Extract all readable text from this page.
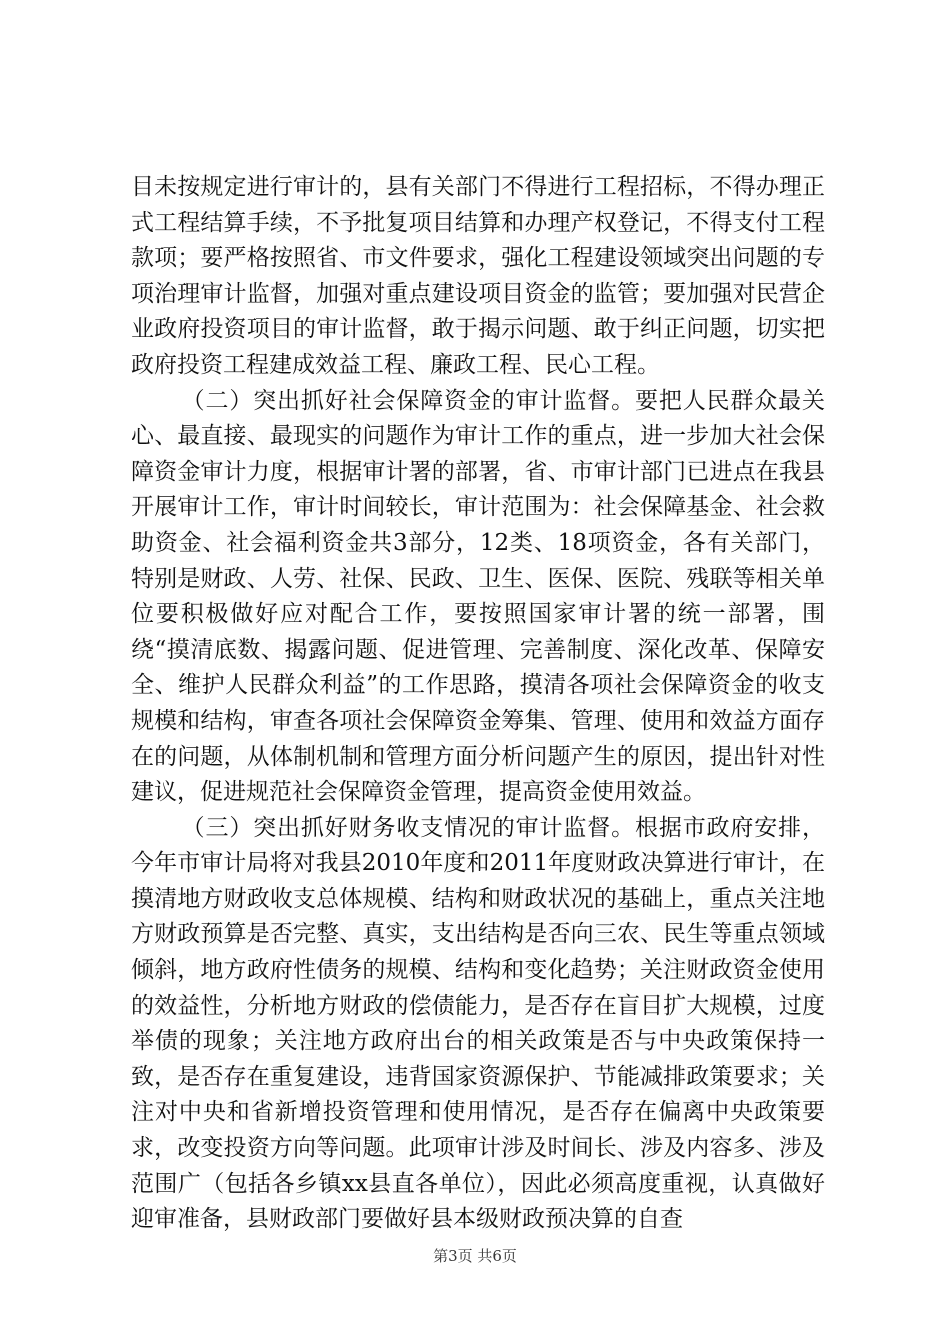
目未按规定进行审计的，县有关部门不得进行工程招标，不得办理正式工程结算手续，不予批复项目结算和办理产权登记，不得支付工程款项；要严格按照省、市文件要求，强化工程建设领域突出问题的专项治理审计监督，加强对重点建设项目资金的监管；要加强对民营企业政府投资项目的审计监督，敢于揭示问题、敢于纠正问题，切实把政府投资工程建成效益工程、廉政工程、民心工程。

（二）突出抓好社会保障资金的审计监督。要把人民群众最关心、最直接、最现实的问题作为审计工作的重点，进一步加大社会保障资金审计力度，根据审计署的部署，省、市审计部门已进点在我县开展审计工作，审计时间较长，审计范围为：社会保障基金、社会救助资金、社会福利资金共3部分，12类、18项资金，各有关部门，特别是财政、人劳、社保、民政、卫生、医保、医院、残联等相关单位要积极做好应对配合工作，要按照国家审计署的统一部署，围绕“摸清底数、揭露问题、促进管理、完善制度、深化改革、保障安全、维护人民群众利益”的工作思路，摸清各项社会保障资金的收支规模和结构，审查各项社会保障资金筹集、管理、使用和效益方面存在的问题，从体制机制和管理方面分析问题产生的原因，提出针对性建议，促进规范社会保障资金管理，提高资金使用效益。

（三）突出抓好财务收支情况的审计监督。根据市政府安排，今年市审计局将对我县2010年度和2011年度财政决算进行审计，在摸清地方财政收支总体规模、结构和财政状况的基础上，重点关注地方财政预算是否完整、真实，支出结构是否向三农、民生等重点领域倾斜，地方政府性债务的规模、结构和变化趋势；关注财政资金使用的效益性，分析地方财政的偿债能力，是否存在盲目扩大规模，过度举债的现象；关注地方政府出台的相关政策是否与中央政策保持一致，是否存在重复建设，违背国家资源保护、节能减排政策要求；关注对中央和省新增投资管理和使用情况，是否存在偏离中央政策要求，改变投资方向等问题。此项审计涉及时间长、涉及内容多、涉及范围广（包括各乡镇xx县直各单位），因此必须高度重视，认真做好迎审准备，县财政部门要做好县本级财政预决算的自查

第3页 共6页
